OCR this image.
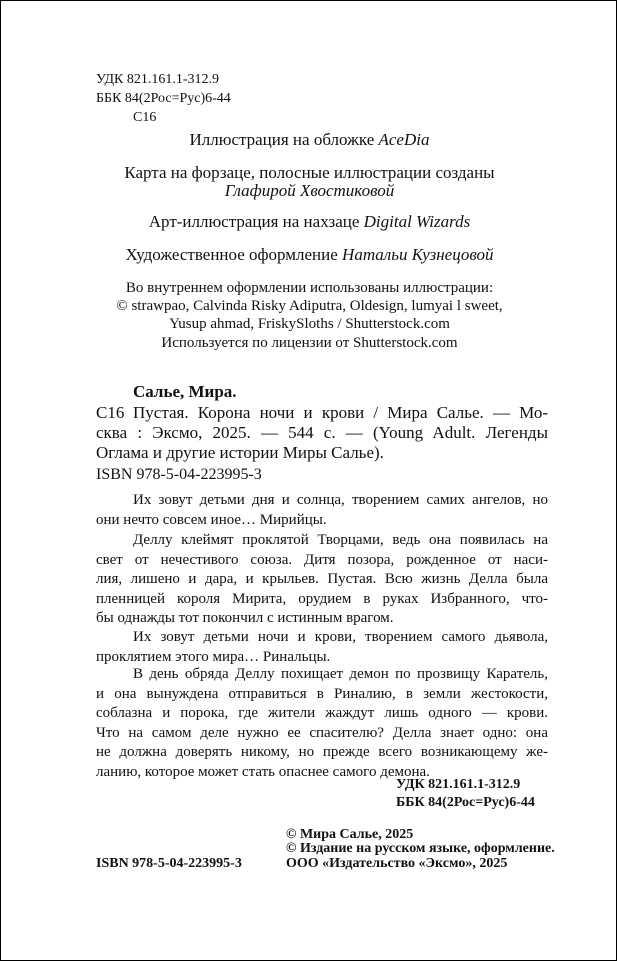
УДК 821.161.1-312.9
ББК 84(2Рос=Рус)6-44
С16
Иллюстрация на обложке AceDia
Карта на форзаце, полосные иллюстрации созданы
Глафирой Хвостиковой
Арт-иллюстрация на нахзаце Digital Wizards
Художественное оформление Натальи Кузнецовой
Во внутреннем оформлении использованы иллюстрации:
© strawpao, Calvinda Risky Adiputra, Oldesign, lumyai l sweet,
Yusup ahmad, FriskySloths / Shutterstock.com
Используется по лицензии от Shutterstock.com
Салье, Мира.
С16 Пустая. Корона ночи и крови / Мира Салье. — Мо-
сква : Эксмо, 2025. — 544 с. — (Young Adult. Легенды
Оглама и другие истории Миры Салье).
ISBN 978-5-04-223995-3
Их зовут детьми дня и солнца, творением самих ангелов, но
они нечто совсем иное… Мирийцы.
Деллу клеймят проклятой Творцами, ведь она появилась на
свет от нечестивого союза. Дитя позора, рожденное от наси-
лия, лишено и дара, и крыльев. Пустая. Всю жизнь Делла была
пленницей короля Мирита, орудием в руках Избранного, что-
бы однажды тот покончил с истинным врагом.
Их зовут детьми ночи и крови, творением самого дьявола,
проклятием этого мира… Ринальцы.
В день обряда Деллу похищает демон по прозвищу Каратель,
и она вынуждена отправиться в Риналию, в земли жестокости,
соблазна и порока, где жители жаждут лишь одного — крови.
Что на самом деле нужно ее спасителю? Делла знает одно: она
не должна доверять никому, но прежде всего возникающему же-
ланию, которое может стать опаснее самого демона.
УДК 821.161.1-312.9
ББК 84(2Рос=Рус)6-44
ISBN 978-5-04-223995-3
© Мира Салье, 2025
© Издание на русском языке, оформление.
ООО «Издательство «Эксмо», 2025
